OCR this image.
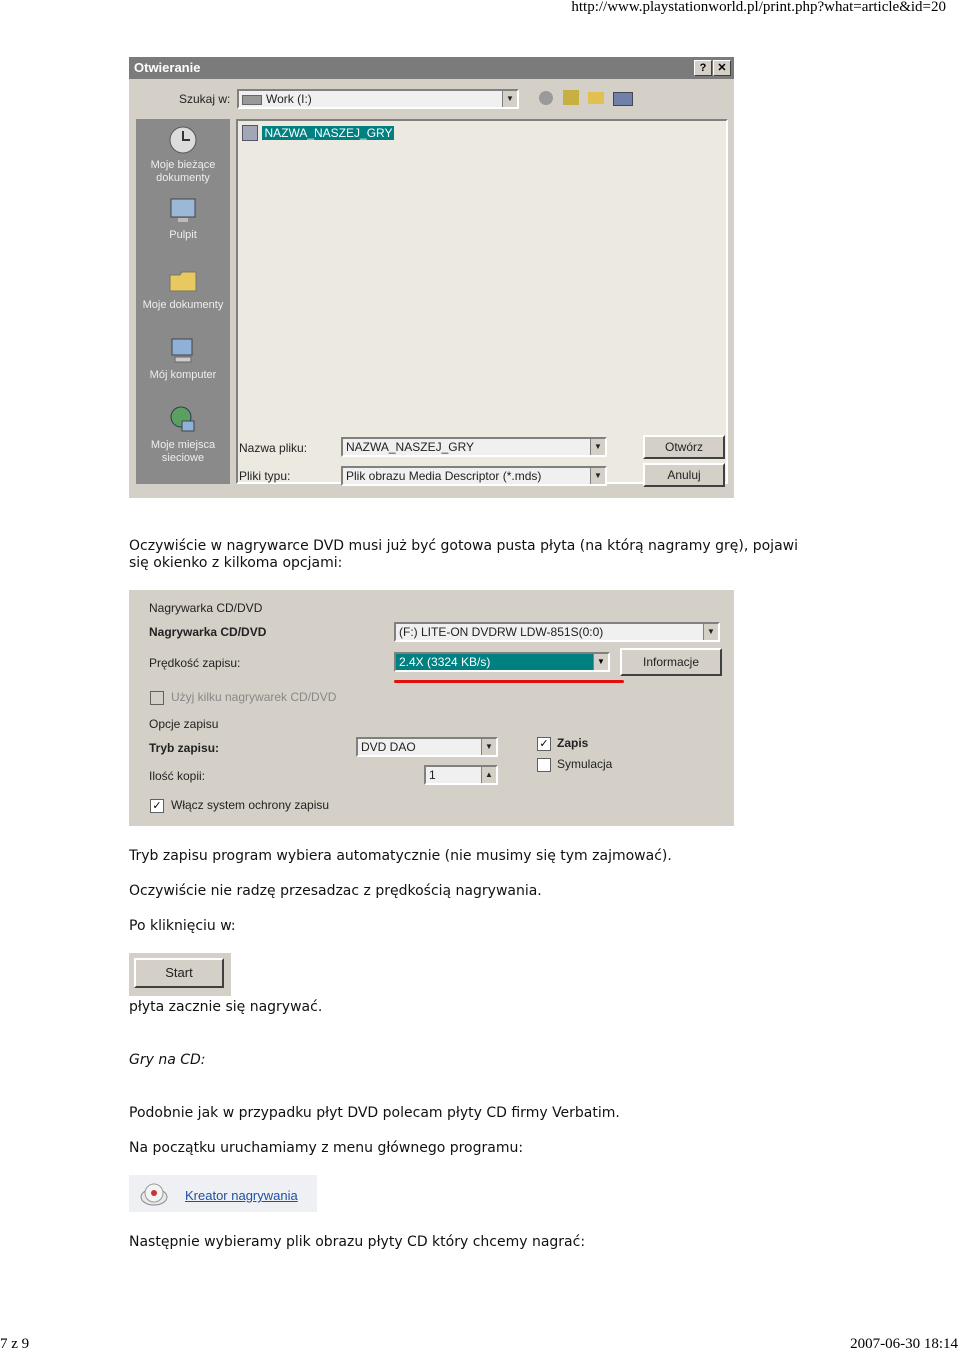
http://www.playstationworld.pl/print.php?what=article&id=20
Otwieranie	?	✕
Szukaj w:	Work (I:)	▼
Moje bieżące dokumenty
Pulpit
Moje dokumenty
Mój komputer
Moje miejsca sieciowe
NAZWA_NASZEJ_GRY
Nazwa pliku:	NAZWA_NASZEJ_GRY	▼
Pliki typu:	Plik obrazu Media Descriptor (*.mds)	▼
Otwórz
Anuluj
Oczywiście w nagrywarce DVD musi już być gotowa pusta płyta (na którą nagramy grę), pojawi
się okienko z kilkoma opcjami:
Nagrywarka CD/DVD
Nagrywarka CD/DVD	(F:) LITE-ON DVDRW LDW-851S(0:0)	▼
Prędkość zapisu:	2.4X (3324 KB/s)	▼	Informacje
Użyj kilku nagrywarek CD/DVD
Opcje zapisu
Tryb zapisu:	DVD DAO	▼
Ilość kopii:	1	▲
✓ Zapis
Symulacja
✓ Włącz system ochrony zapisu
Tryb zapisu program wybiera automatycznie (nie musimy się tym zajmować).
Oczywiście nie radzę przesadzac z prędkością nagrywania.
Po kliknięciu w:
Start
płyta zacznie się nagrywać.
Gry na CD:
Podobnie jak w przypadku płyt DVD polecam płyty CD firmy Verbatim.
Na początku uruchamiamy z menu głównego programu:
Kreator nagrywania
Następnie wybieramy plik obrazu płyty CD który chcemy nagrać:
7 z 9	2007-06-30 18:14
